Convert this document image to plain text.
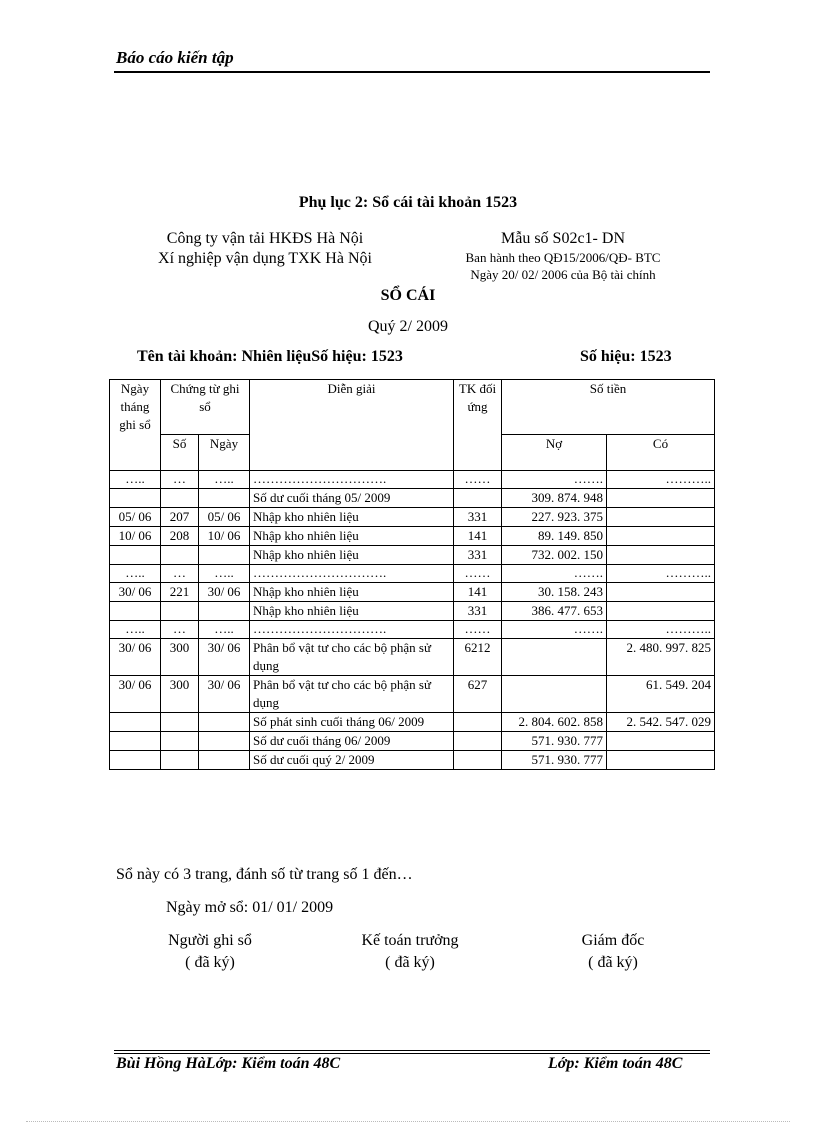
Báo cáo kiến tập
Phụ lục 2: Sổ cái tài khoản 1523
Công ty vận tải HKĐS Hà Nội
Xí nghiệp vận dụng TXK Hà Nội
Mẫu số S02c1- DN
Ban hành theo QĐ15/2006/QĐ- BTC
Ngày 20/ 02/ 2006 của Bộ tài chính
SỔ CÁI
Quý 2/ 2009
Tên tài khoản: Nhiên liệuSố hiệu: 1523	Số hiệu: 1523
Ngày tháng ghi sổ	Chứng từ ghi sổ		Diễn giải	TK đối ứng	Số tiền	
	Số	Ngày			Nợ	Có
…..	…	…..	………………………….	……	…….	………..
			Số dư cuối tháng 05/ 2009		309. 874. 948	
05/ 06	207	05/ 06	Nhập kho nhiên liệu	331	227. 923. 375	
10/ 06	208	10/ 06	Nhập kho nhiên liệu	141	89. 149. 850	
			Nhập kho nhiên liệu	331	732. 002. 150	
…..	…	…..	………………………….	……	…….	………..
30/ 06	221	30/ 06	Nhập kho nhiên liệu	141	30. 158. 243	
			Nhập kho nhiên liệu	331	386. 477. 653	
…..	…	…..	………………………….	……	…….	………..
30/ 06	300	30/ 06	Phân bổ vật tư cho các bộ phận sử dụng	6212		2. 480. 997. 825
30/ 06	300	30/ 06	Phân bổ vật tư cho các bộ phận sử dụng	627		61. 549. 204
			Số phát sinh cuối tháng 06/ 2009		2. 804. 602. 858	2. 542. 547. 029
			Số dư cuối tháng 06/ 2009		571. 930. 777	
			Số dư cuối quý 2/ 2009		571. 930. 777	
Sổ này có 3 trang, đánh số từ trang số 1 đến…
Ngày mở sổ: 01/ 01/ 2009
Người ghi sổ
( đã ký)
Kế toán trưởng
( đã ký)
Giám đốc
( đã ký)
Bùi Hồng HàLớp: Kiểm toán 48C	Lớp: Kiểm toán 48C
